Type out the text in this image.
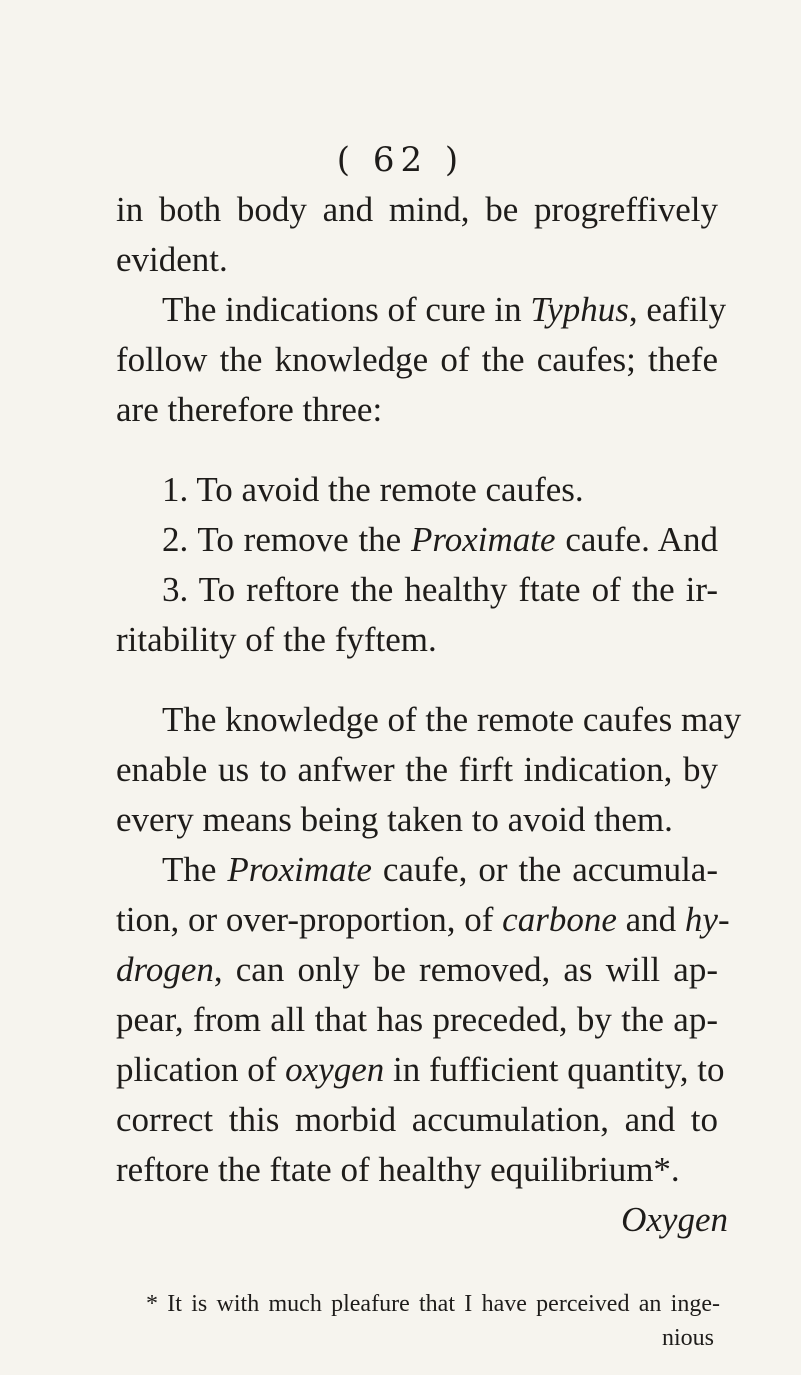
( 62 )
in both body and mind, be progreffively
evident.
The indications of cure in Typhus, eafily
follow the knowledge of the caufes; thefe
are therefore three:
1. To avoid the remote caufes.
2. To remove the Proximate caufe. And
3. To reftore the healthy ftate of the ir-
ritability of the fyftem.
The knowledge of the remote caufes may
enable us to anfwer the firft indication, by
every means being taken to avoid them.
The Proximate caufe, or the accumula-
tion, or over-proportion, of carbone and hy-
drogen, can only be removed, as will ap-
pear, from all that has preceded, by the ap-
plication of oxygen in fufficient quantity, to
correct this morbid accumulation, and to
reftore the ftate of healthy equilibrium*.
Oxygen
* It is with much pleafure that I have perceived an inge-
nious
